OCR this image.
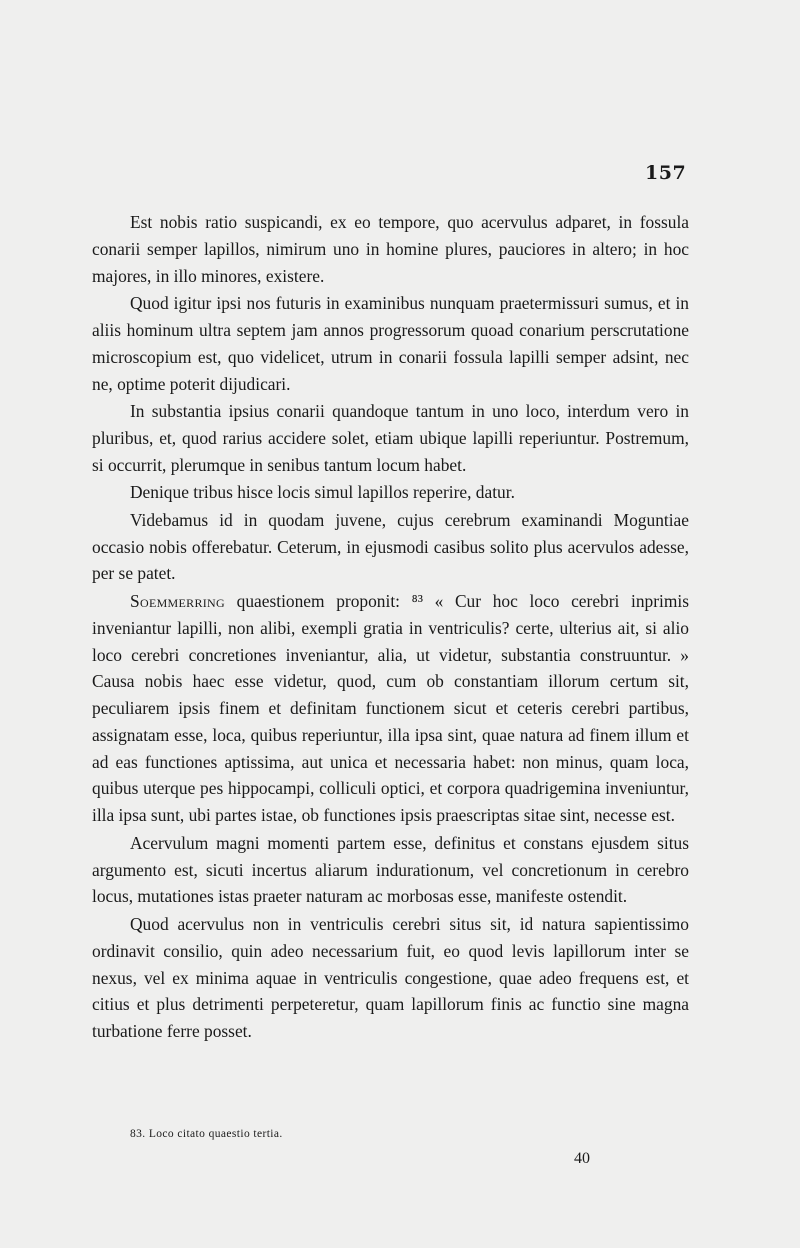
157

Est nobis ratio suspicandi, ex eo tempore, quo acervulus adparet, in fossula conarii semper lapillos, nimirum uno in homine plures, pauciores in altero; in hoc majores, in illo minores, existere.

Quod igitur ipsi nos futuris in examinibus nunquam praetermissuri sumus, et in aliis hominum ultra septem jam annos progressorum quoad conarium perscrutatione microscopium est, quo videlicet, utrum in conarii fossula lapilli semper adsint, nec ne, optime poterit dijudicari.

In substantia ipsius conarii quandoque tantum in uno loco, interdum vero in pluribus, et, quod rarius accidere solet, etiam ubique lapilli reperiuntur. Postremum, si occurrit, plerumque in senibus tantum locum habet.

Denique tribus hisce locis simul lapillos reperire, datur.

Videbamus id in quodam juvene, cujus cerebrum examinandi Moguntiae occasio nobis offerebatur. Ceterum, in ejusmodi casibus solito plus acervulos adesse, per se patet.

Soemmerring quaestionem proponit: ⁸³ « Cur hoc loco cerebri inprimis inveniantur lapilli, non alibi, exempli gratia in ventriculis? certe, ulterius ait, si alio loco cerebri concretiones inveniantur, alia, ut videtur, substantia construuntur. » Causa nobis haec esse videtur, quod, cum ob constantiam illorum certum sit, peculiarem ipsis finem et definitam functionem sicut et ceteris cerebri partibus, assignatam esse, loca, quibus reperiuntur, illa ipsa sint, quae natura ad finem illum et ad eas functiones aptissima, aut unica et necessaria habet: non minus, quam loca, quibus uterque pes hippocampi, colliculi optici, et corpora quadrigemina inveniuntur, illa ipsa sunt, ubi partes istae, ob functiones ipsis praescriptas sitae sint, necesse est.

Acervulum magni momenti partem esse, definitus et constans ejusdem situs argumento est, sicuti incertus aliarum indurationum, vel concretionum in cerebro locus, mutationes istas praeter naturam ac morbosas esse, manifeste ostendit.

Quod acervulus non in ventriculis cerebri situs sit, id natura sapientissimo ordinavit consilio, quin adeo necessarium fuit, eo quod levis lapillorum inter se nexus, vel ex minima aquae in ventriculis congestione, quae adeo frequens est, et citius et plus detrimenti perpeteretur, quam lapillorum finis ac functio sine magna turbatione ferre posset.

83. Loco citato quaestio tertia.
40
